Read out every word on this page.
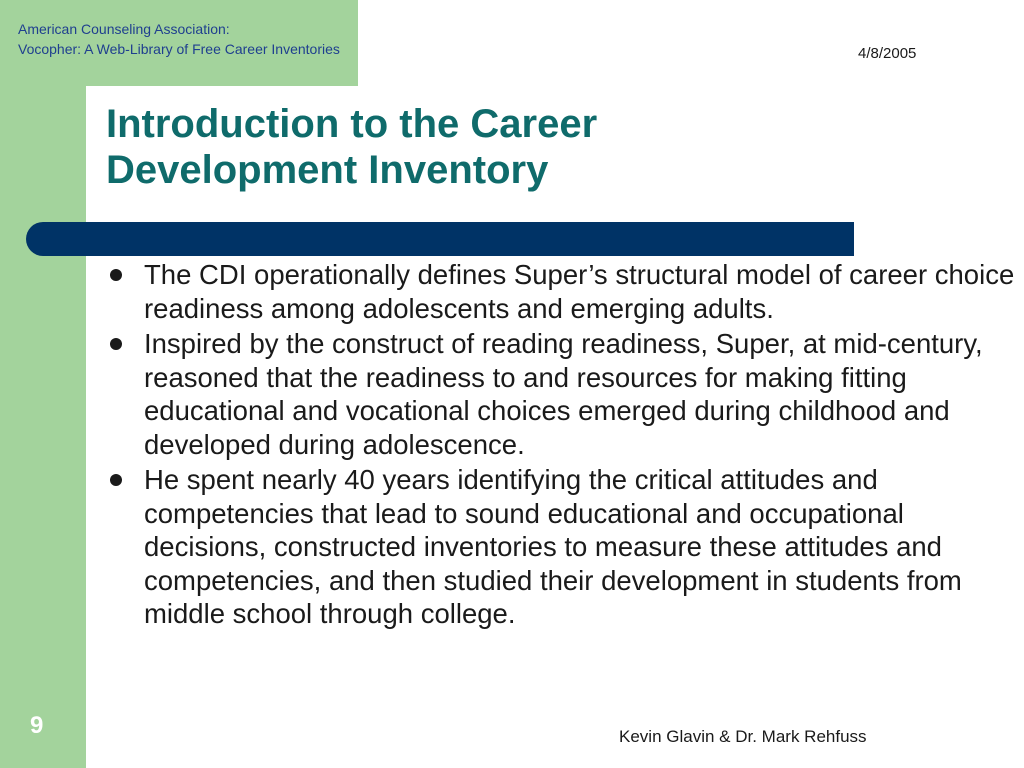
American Counseling Association:
Vocopher: A Web-Library of Free Career Inventories	4/8/2005
Introduction to the Career Development Inventory
The CDI operationally defines Super’s structural model of career choice readiness among adolescents and emerging adults.
Inspired by the construct of reading readiness, Super, at mid-century, reasoned that the readiness to and resources for making fitting educational and vocational choices emerged during childhood and developed during adolescence.
He spent nearly 40 years identifying the critical attitudes and competencies that lead to sound educational and occupational decisions, constructed inventories to measure these attitudes and competencies, and then studied their development in students from middle school through college.
9	Kevin Glavin & Dr. Mark Rehfuss
